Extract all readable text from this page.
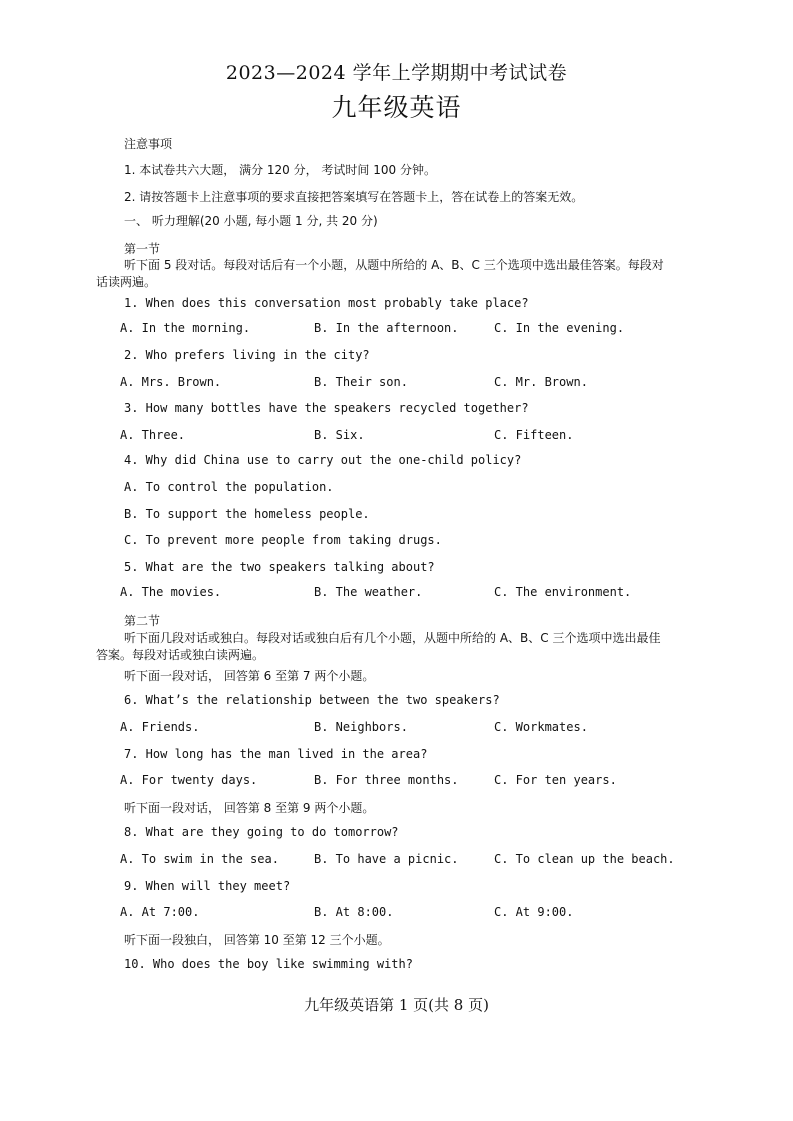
2023—2024 学年上学期期中考试试卷
九年级英语
注意事项
1. 本试卷共六大题， 满分 120 分， 考试时间 100 分钟。
2. 请按答题卡上注意事项的要求直接把答案填写在答题卡上，答在试卷上的答案无效。
一、 听力理解(20 小题, 每小题 1 分, 共 20 分)
第一节
听下面 5 段对话。每段对话后有一个小题，从题中所给的 A、B、C 三个选项中选出最佳答案。每段对话读两遍。
1. When does this conversation most probably take place?
A. In the morning.	B. In the afternoon.	C. In the evening.
2. Who prefers living in the city?
A. Mrs. Brown.	B. Their son.	C. Mr. Brown.
3. How many bottles have the speakers recycled together?
A. Three.	B. Six.	C. Fifteen.
4. Why did China use to carry out the one-child policy?
A. To control the population.
B. To support the homeless people.
C. To prevent more people from taking drugs.
5. What are the two speakers talking about?
A. The movies.	B. The weather.	C. The environment.
第二节
听下面几段对话或独白。每段对话或独白后有几个小题，从题中所给的 A、B、C 三个选项中选出最佳答案。每段对话或独白读两遍。
听下面一段对话， 回答第 6 至第 7 两个小题。
6. What’s the relationship between the two speakers?
A. Friends.	B. Neighbors.	C. Workmates.
7. How long has the man lived in the area?
A. For twenty days.	B. For three months.	C. For ten years.
听下面一段对话， 回答第 8 至第 9 两个小题。
8. What are they going to do tomorrow?
A. To swim in the sea.	B. To have a picnic.	C. To clean up the beach.
9. When will they meet?
A. At 7:00.	B. At 8:00.	C. At 9:00.
听下面一段独白， 回答第 10 至第 12 三个小题。
10. Who does the boy like swimming with?
九年级英语第 1 页(共 8 页)
